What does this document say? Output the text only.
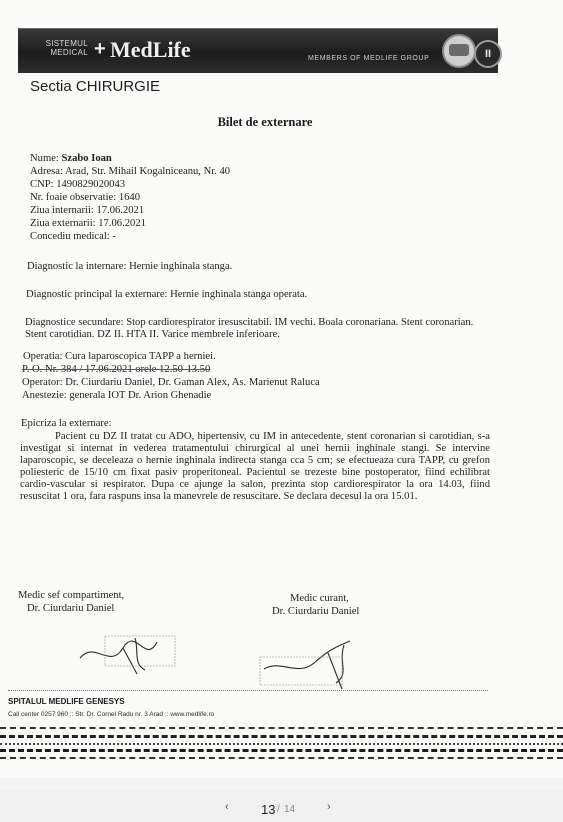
SISTEMUL
MEDICAL + MedLife	MEMBERS OF MEDLIFE GROUP	II
Sectia CHIRURGIE
Bilet de externare
Nume: Szabo Ioan
Adresa: Arad, Str. Mihail Kogalniceanu, Nr. 40
CNP: 1490829020043
Nr. foaie observatie: 1640
Ziua internarii: 17.06.2021
Ziua externarii: 17.06.2021
Concediu medical: -
Diagnostic la internare: Hernie inghinala stanga.
Diagnostic principal la externare: Hernie inghinala stanga operata.
Diagnostice secundare: Stop cardiorespirator iresuscitabil. IM vechi. Boala coronariana. Stent coronarian. Stent carotidian. DZ II. HTA II. Varice membrele inferioare.
Operatia: Cura laparoscopica TAPP a herniei.
P. O. Nr. 384 / 17.06.2021 orele 12.50-13.50
Operator: Dr. Ciurdariu Daniel, Dr. Gaman Alex, As. Marienut Raluca
Anestezie: generala IOT Dr. Arion Ghenadie
Epicriza la externare:
Pacient cu DZ II tratat cu ADO, hipertensiv, cu IM in antecedente, stent coronarian si carotidian, s-a investigat si internat in vederea tratamentului chirurgical al unei hernii inghinale stangi. Se intervine laparoscopic, se deceleaza o hernie inghinala indirecta stanga cca 5 cm; se efectueaza cura TAPP, cu grefon poliesteric de 15/10 cm fixat pasiv properitoneal. Pacientul se trezeste bine postoperator, fiind echilibrat cardio-vascular si respirator. Dupa ce ajunge la salon, prezinta stop cardiorespirator la ora 14.03, fiind resuscitat 1 ora, fara raspuns insa la manevrele de resuscitare. Se declara decesul la ora 15.01.
Medic sef compartiment,
Dr. Ciurdariu Daniel
Medic curant,
Dr. Ciurdariu Daniel
SPITALUL MEDLIFE GENESYS
Call center 0257 960 :: Str. Dr. Cornel Radu nr. 3 Arad :: www.medlife.ro
‹ 13 / 14	›
